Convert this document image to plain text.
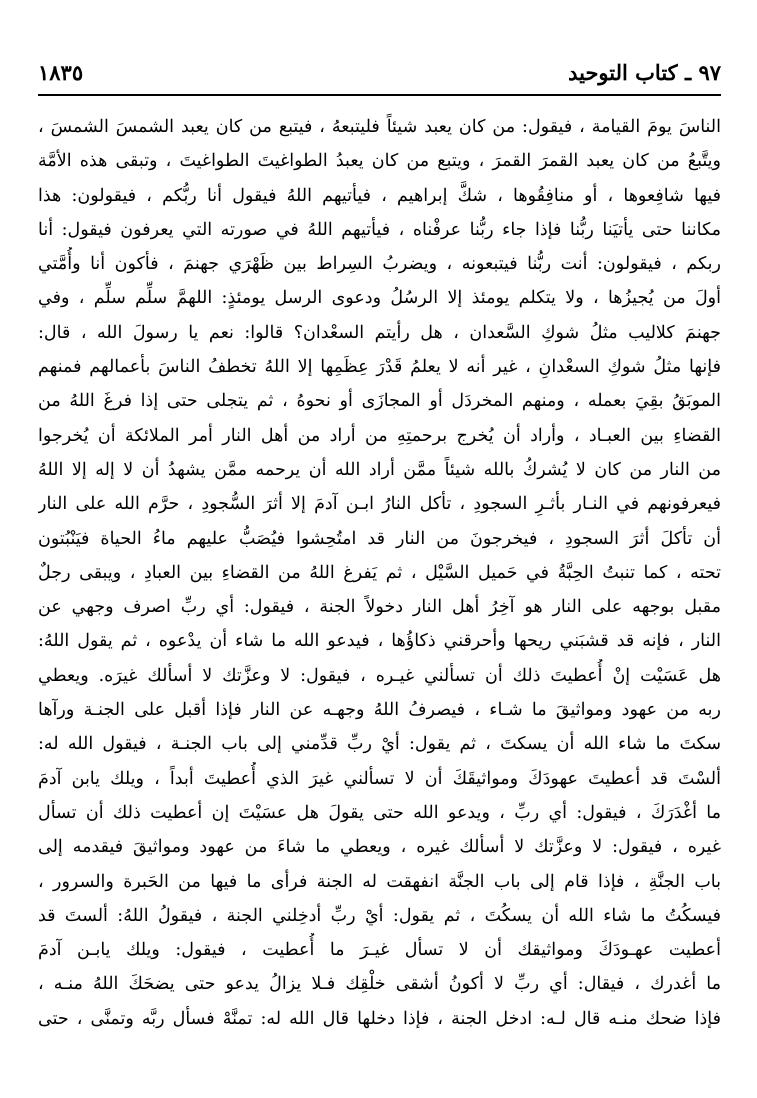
٩٧ ـ كتاب التوحيد
١٨٣٥
الناسَ يومَ القيامة ، فيقول: من كان يعبد شيئاً فليتبعهُ ، فيتبع من كان يعبد الشمسَ الشمسَ ،
ويتَّبعُ من كان يعبد القمرَ القمرَ ، ويتبع من كان يعبدُ الطواغيتَ الطواغيتَ ، وتبقى هذه الأمَّة
فيها شافِعوها ، أو منافِقُوها ، شكَّ إبراهيم ، فيأتيهم اللهُ فيقول أنا ربُّكم ، فيقولون: هذا
مكاننا حتى يأتيَنا ربُّنا فإذا جاء ربُّنا عرفْناه ، فيأتيهم اللهُ في صورته التي يعرفون فيقول: أنا
ربكم ، فيقولون: أنت ربُّنا فيتبعونه ، ويضربُ السِراط بين ظَهْرَي جهنمَ ، فأكون أنا وأُمَّتي
أولَ من يُجيزُها ، ولا يتكلم يومئذ إلا الرسُلُ ودعوى الرسل يومئذٍ: اللهمَّ سلِّم سلِّم ، وفي
جهنمَ كلاليب مثلُ شوكِ السَّعدان ، هل رأيتم السعْدان؟ قالوا: نعم يا رسولَ الله ، قال:
فإنها مثلُ شوكِ السعْدانِ ، غير أنه لا يعلمُ قَدْرَ عِظَمِها إلا اللهُ تخطفُ الناسَ بأعمالهم فمنهم
الموبَقُ بقِيَ بعمله ، ومنهم المخردَل أو المجازَى أو نحوهُ ، ثم يتجلى حتى إذا فرغَ اللهُ من
القضاءِ بين العبـاد ، وأراد أن يُخرج برحمتِهِ من أراد من أهل النار أمر الملائكة أن يُخرجوا
من النار من كان لا يُشركُ بالله شيئاً ممَّن أراد الله أن يرحمه ممَّن يشهدُ أن لا إله إلا اللهُ
فيعرفونهم في النـار بأثـرِ السجودِ ، تأكل النارُ ابـن آدمَ إلا أثرَ السُّجودِ ، حرَّم الله على النار
أن تأكلَ أثرَ السجودِ ، فيخرجونَ من النار قد امتُحِشوا فيُصَبُّ عليهم ماءُ الحياة فيَنْبُتون
تحته ، كما تنبتُ الحِبَّةُ في حَميل السَّيْل ، ثم يَفرغ اللهُ من القضاءِ بين العبادِ ، ويبقى رجلٌ
مقبل بوجهه على النار هو آخِرُ أهل النار دخولاً الجنة ، فيقول: أي ربِّ اصرف وجهي عن
النار ، فإنه قد قشبَني ريحها وأحرقني ذكاؤُها ، فيدعو الله ما شاء أن يدْعوه ، ثم يقول اللهُ:
هل عَسَيْت إنْ أُعطيتَ ذلك أن تسألني غيـره ، فيقول: لا وعزَّتك لا أسألك غيرَه. ويعطي
ربه من عهود ومواثيقَ ما شـاء ، فيصرفُ اللهُ وجهـه عن النار فإذا أقبل على الجنـة ورآها
سكتَ ما شاء الله أن يسكتَ ، ثم يقول: أيْ ربِّ قدِّمني إلى باب الجنـة ، فيقول الله له:
ألسْتَ قد أعطيتَ عهودَكَ ومواثيقَكَ أن لا تسألني غيرَ الذي أُعطيتَ أبداً ، ويلك يابن آدمَ
ما أغْدَرَكَ ، فيقول: أي ربِّ ، ويدعو الله حتى يقولَ هل عسَيْتَ إن أعطيت ذلك أن تسأل
غيره ، فيقول: لا وعزَّتك لا أسألك غيره ، ويعطي ما شاءَ من عهود ومواثيقَ فيقدمه إلى
باب الجنَّةِ ، فإذا قام إلى باب الجنَّة انفهقت له الجنة فرأى ما فيها من الحَبرة والسرور ،
فيسكُتُ ما شاء الله أن يسكُتَ ، ثم يقول: أيْ ربِّ أدخِلني الجنة ، فيقولُ اللهُ: ألستَ قد
أعطيت عهـودَكَ ومواثيقك أن لا تسأل غيـرَ ما أُعطيت ، فيقول: ويلك يابـن آدمَ
ما أغدرك ، فيقال: أي ربِّ لا أكونُ أشقى خلْقِك فـلا يزالُ يدعو حتى يضحَكَ اللهُ منـه ،
فإذا ضحك منـه قال لـه: ادخل الجنة ، فإذا دخلها قال الله له: تمنَّهْ فسأل ربَّه وتمنَّى ، حتى
